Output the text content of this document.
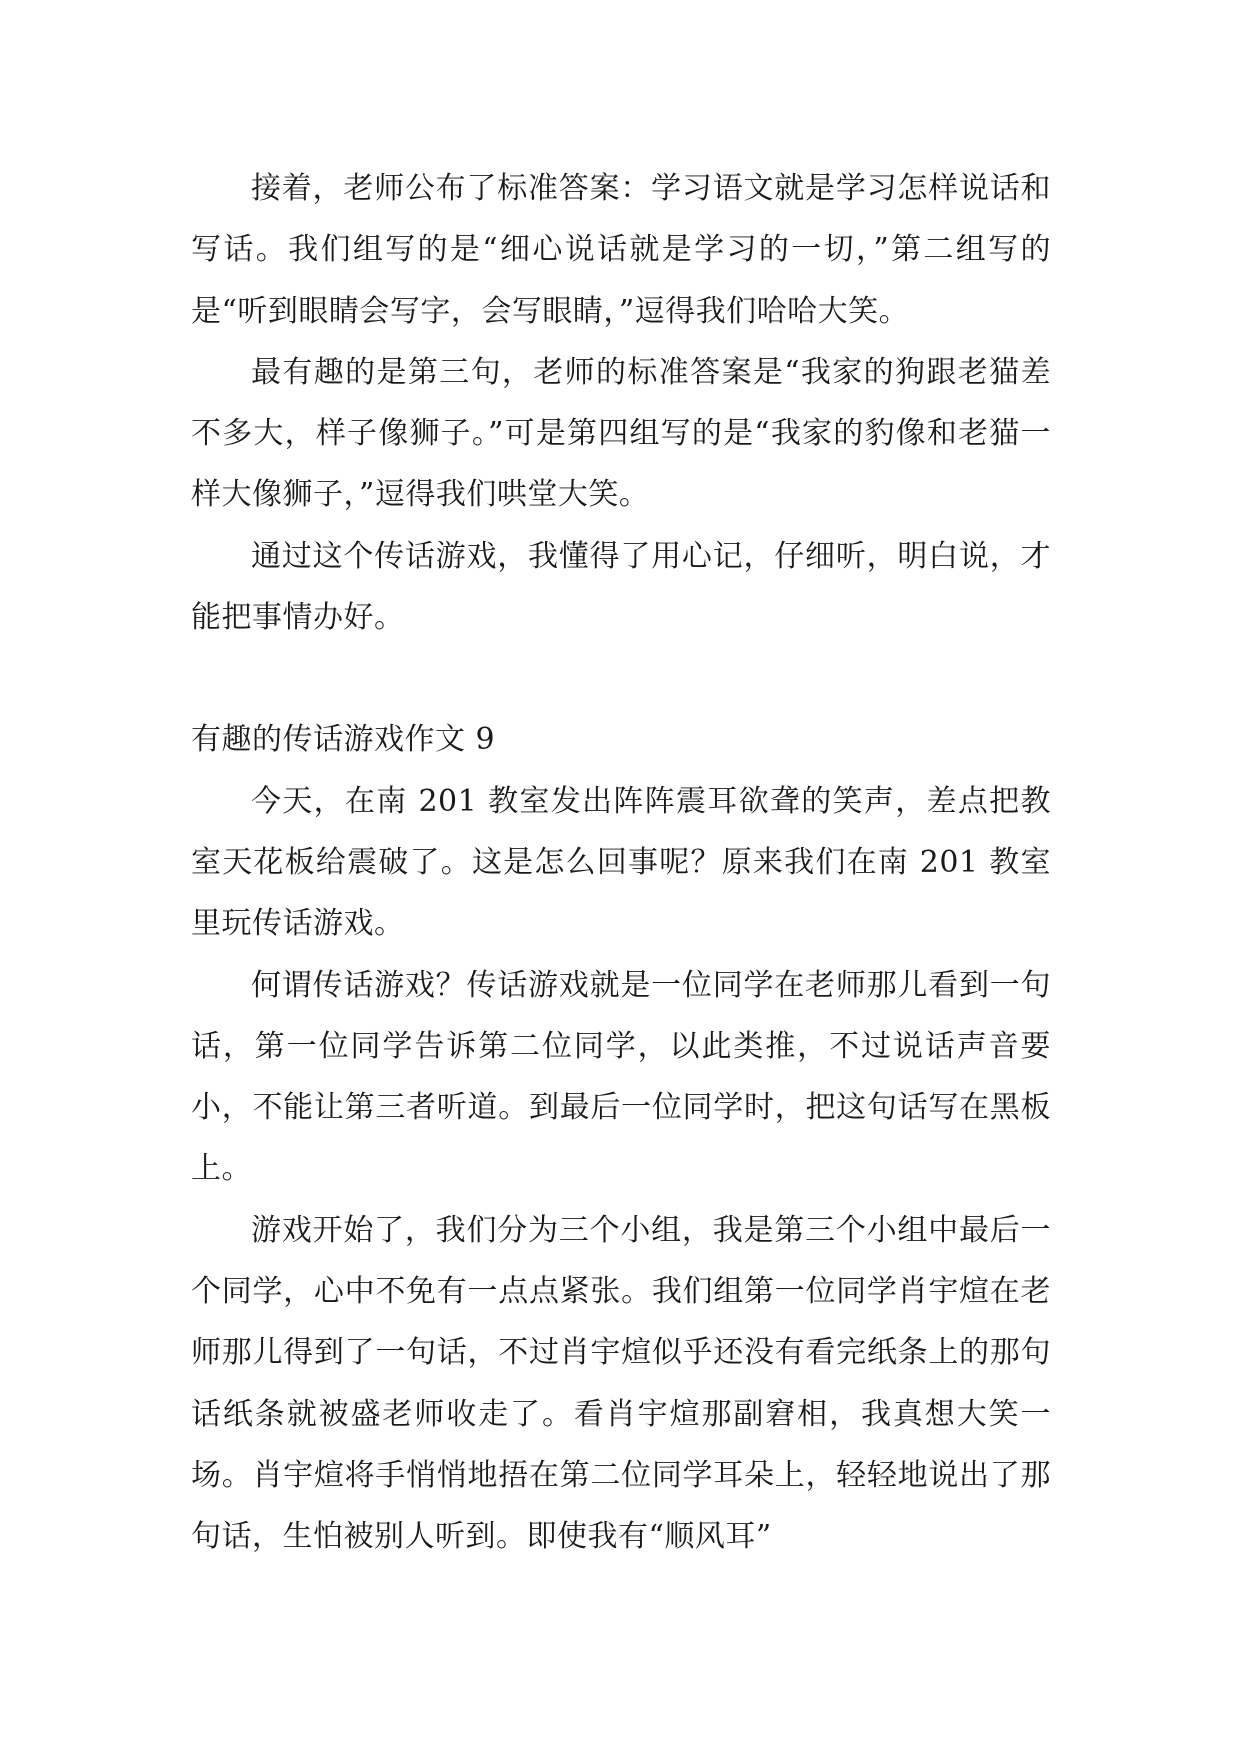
接着，老师公布了标准答案：学习语文就是学习怎样说话和写话。我们组写的是“细心说话就是学习的一切，”第二组写的是“听到眼睛会写字，会写眼睛，”逗得我们哈哈大笑。

最有趣的是第三句，老师的标准答案是“我家的狗跟老猫差不多大，样子像狮子。”可是第四组写的是“我家的豹像和老猫一样大像狮子，”逗得我们哄堂大笑。

通过这个传话游戏，我懂得了用心记，仔细听，明白说，才能把事情办好。

有趣的传话游戏作文 9

今天，在南 201 教室发出阵阵震耳欲聋的笑声，差点把教室天花板给震破了。这是怎么回事呢？原来我们在南 201 教室里玩传话游戏。

何谓传话游戏？传话游戏就是一位同学在老师那儿看到一句话，第一位同学告诉第二位同学，以此类推，不过说话声音要小，不能让第三者听道。到最后一位同学时，把这句话写在黑板上。

游戏开始了，我们分为三个小组，我是第三个小组中最后一个同学，心中不免有一点点紧张。我们组第一位同学肖宇煊在老师那儿得到了一句话，不过肖宇煊似乎还没有看完纸条上的那句话纸条就被盛老师收走了。看肖宇煊那副窘相，我真想大笑一场。肖宇煊将手悄悄地捂在第二位同学耳朵上，轻轻地说出了那句话，生怕被别人听到。即使我有“顺风耳”
